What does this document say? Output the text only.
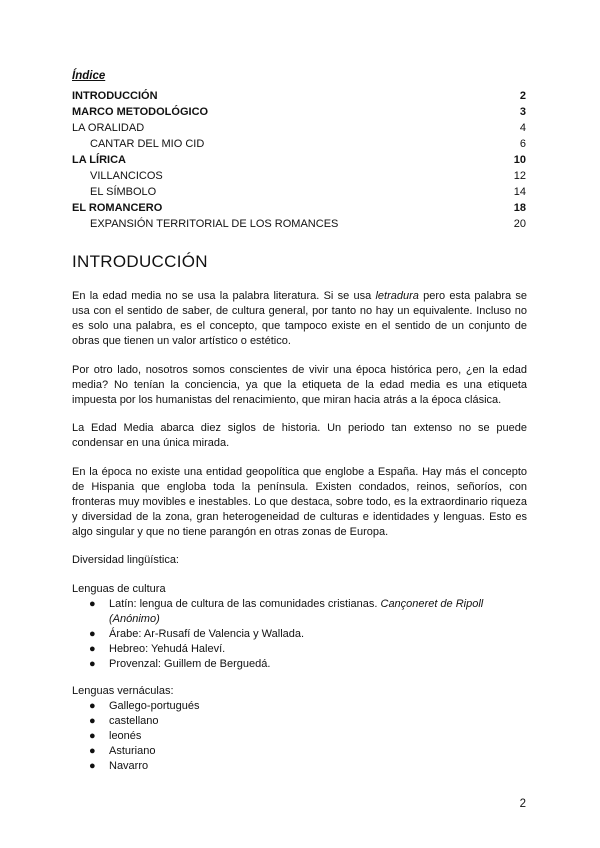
Índice
INTRODUCCIÓN	2
MARCO METODOLÓGICO	3
LA ORALIDAD	4
CANTAR DEL MIO CID	6
LA LÍRICA	10
VILLANCICOS	12
EL SÍMBOLO	14
EL ROMANCERO	18
EXPANSIÓN TERRITORIAL DE LOS ROMANCES	20
INTRODUCCIÓN

En la edad media no se usa la palabra literatura. Si se usa letradura pero esta palabra se usa con el sentido de saber, de cultura general, por tanto no hay un equivalente. Incluso no es solo una palabra, es el concepto, que tampoco existe en el sentido de un conjunto de obras que tienen un valor artístico o estético.

Por otro lado, nosotros somos conscientes de vivir una época histórica pero, ¿en la edad media? No tenían la conciencia, ya que la etiqueta de la edad media es una etiqueta impuesta por los humanistas del renacimiento, que miran hacia atrás a la época clásica.

La Edad Media abarca diez siglos de historia. Un periodo tan extenso no se puede condensar en una única mirada.

En la época no existe una entidad geopolítica que englobe a España. Hay más el concepto de Hispania que engloba toda la península. Existen condados, reinos, señoríos, con fronteras muy movibles e inestables. Lo que destaca, sobre todo, es la extraordinario riqueza y diversidad de la zona, gran heterogeneidad de culturas e identidades y lenguas. Esto es algo singular y que no tiene parangón en otras zonas de Europa.

Diversidad lingüística:

Lenguas de cultura

● Latín: lengua de cultura de las comunidades cristianas. Cançoneret de Ripoll (Anónimo)
● Árabe: Ar-Rusafí de Valencia y Wallada.
● Hebreo: Yehudá Haleví.
● Provenzal: Guillem de Berguedá.

Lenguas vernáculas:

● Gallego-portugués
● castellano
● leonés
● Asturiano
● Navarro
2
